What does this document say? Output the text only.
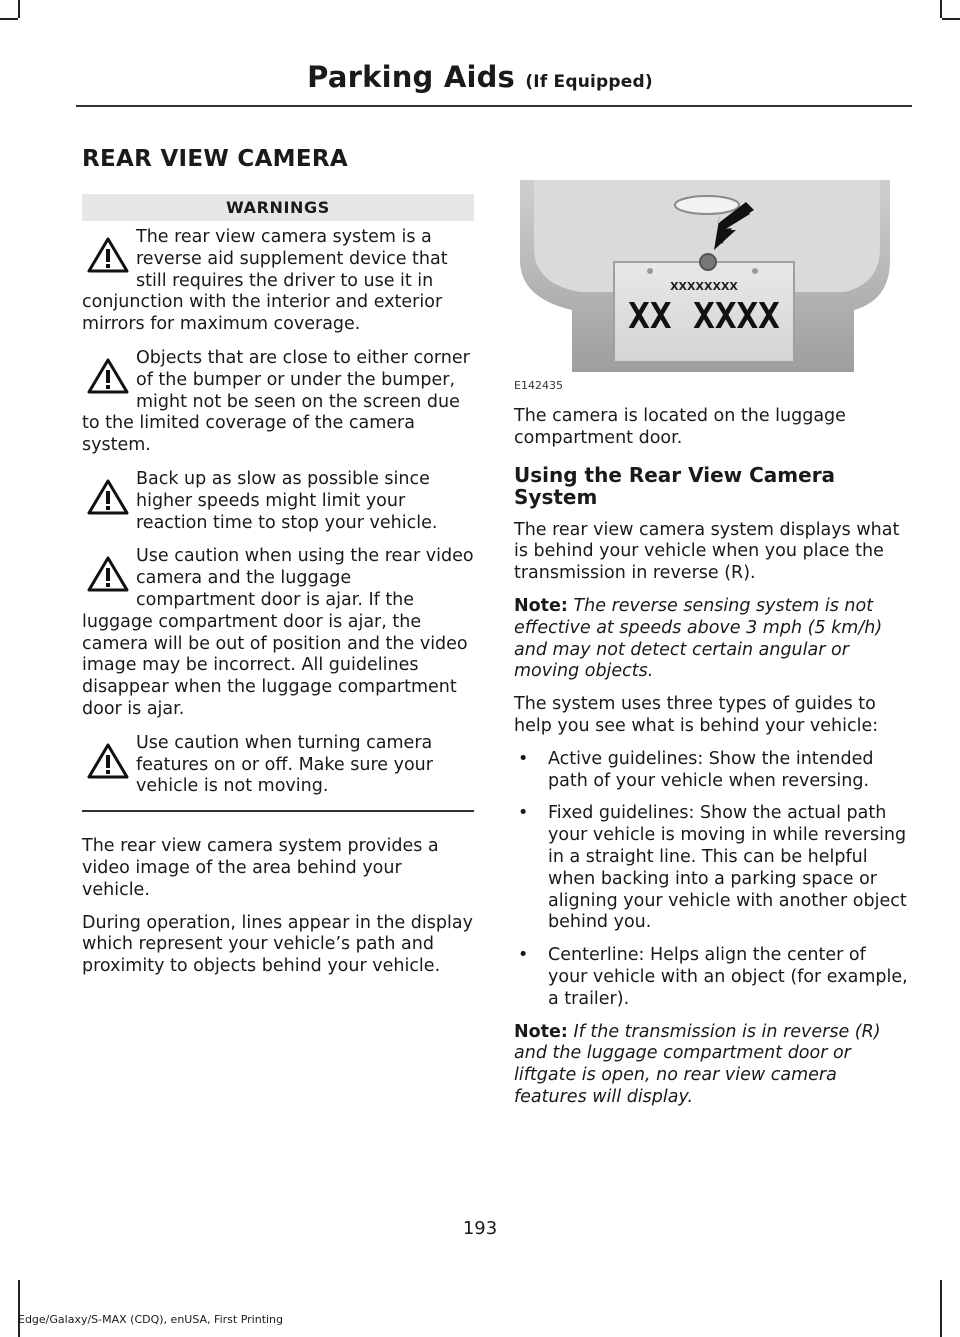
Parking Aids (If Equipped)
REAR VIEW CAMERA
WARNINGS

The rear view camera system is a reverse aid supplement device that still requires the driver to use it in conjunction with the interior and exterior mirrors for maximum coverage.

Objects that are close to either corner of the bumper or under the bumper, might not be seen on the screen due to the limited coverage of the camera system.

Back up as slow as possible since higher speeds might limit your reaction time to stop your vehicle.

Use caution when using the rear video camera and the luggage compartment door is ajar. If the luggage compartment door is ajar, the camera will be out of position and the video image may be incorrect. All guidelines disappear when the luggage compartment door is ajar.

Use caution when turning camera features on or off. Make sure your vehicle is not moving.

The rear view camera system provides a video image of the area behind your vehicle.

During operation, lines appear in the display which represent your vehicle’s path and proximity to objects behind your vehicle.

XXXXXXXX
XX XXXX
E142435

The camera is located on the luggage compartment door.

Using the Rear View Camera System

The rear view camera system displays what is behind your vehicle when you place the transmission in reverse (R).

Note: The reverse sensing system is not effective at speeds above 3 mph (5 km/h) and may not detect certain angular or moving objects.

The system uses three types of guides to help you see what is behind your vehicle:

• Active guidelines: Show the intended path of your vehicle when reversing.
• Fixed guidelines: Show the actual path your vehicle is moving in while reversing in a straight line. This can be helpful when backing into a parking space or aligning your vehicle with another object behind you.
• Centerline: Helps align the center of your vehicle with an object (for example, a trailer).

Note: If the transmission is in reverse (R) and the luggage compartment door or liftgate is open, no rear view camera features will display.

193
Edge/Galaxy/S-MAX (CDQ), enUSA, First Printing
